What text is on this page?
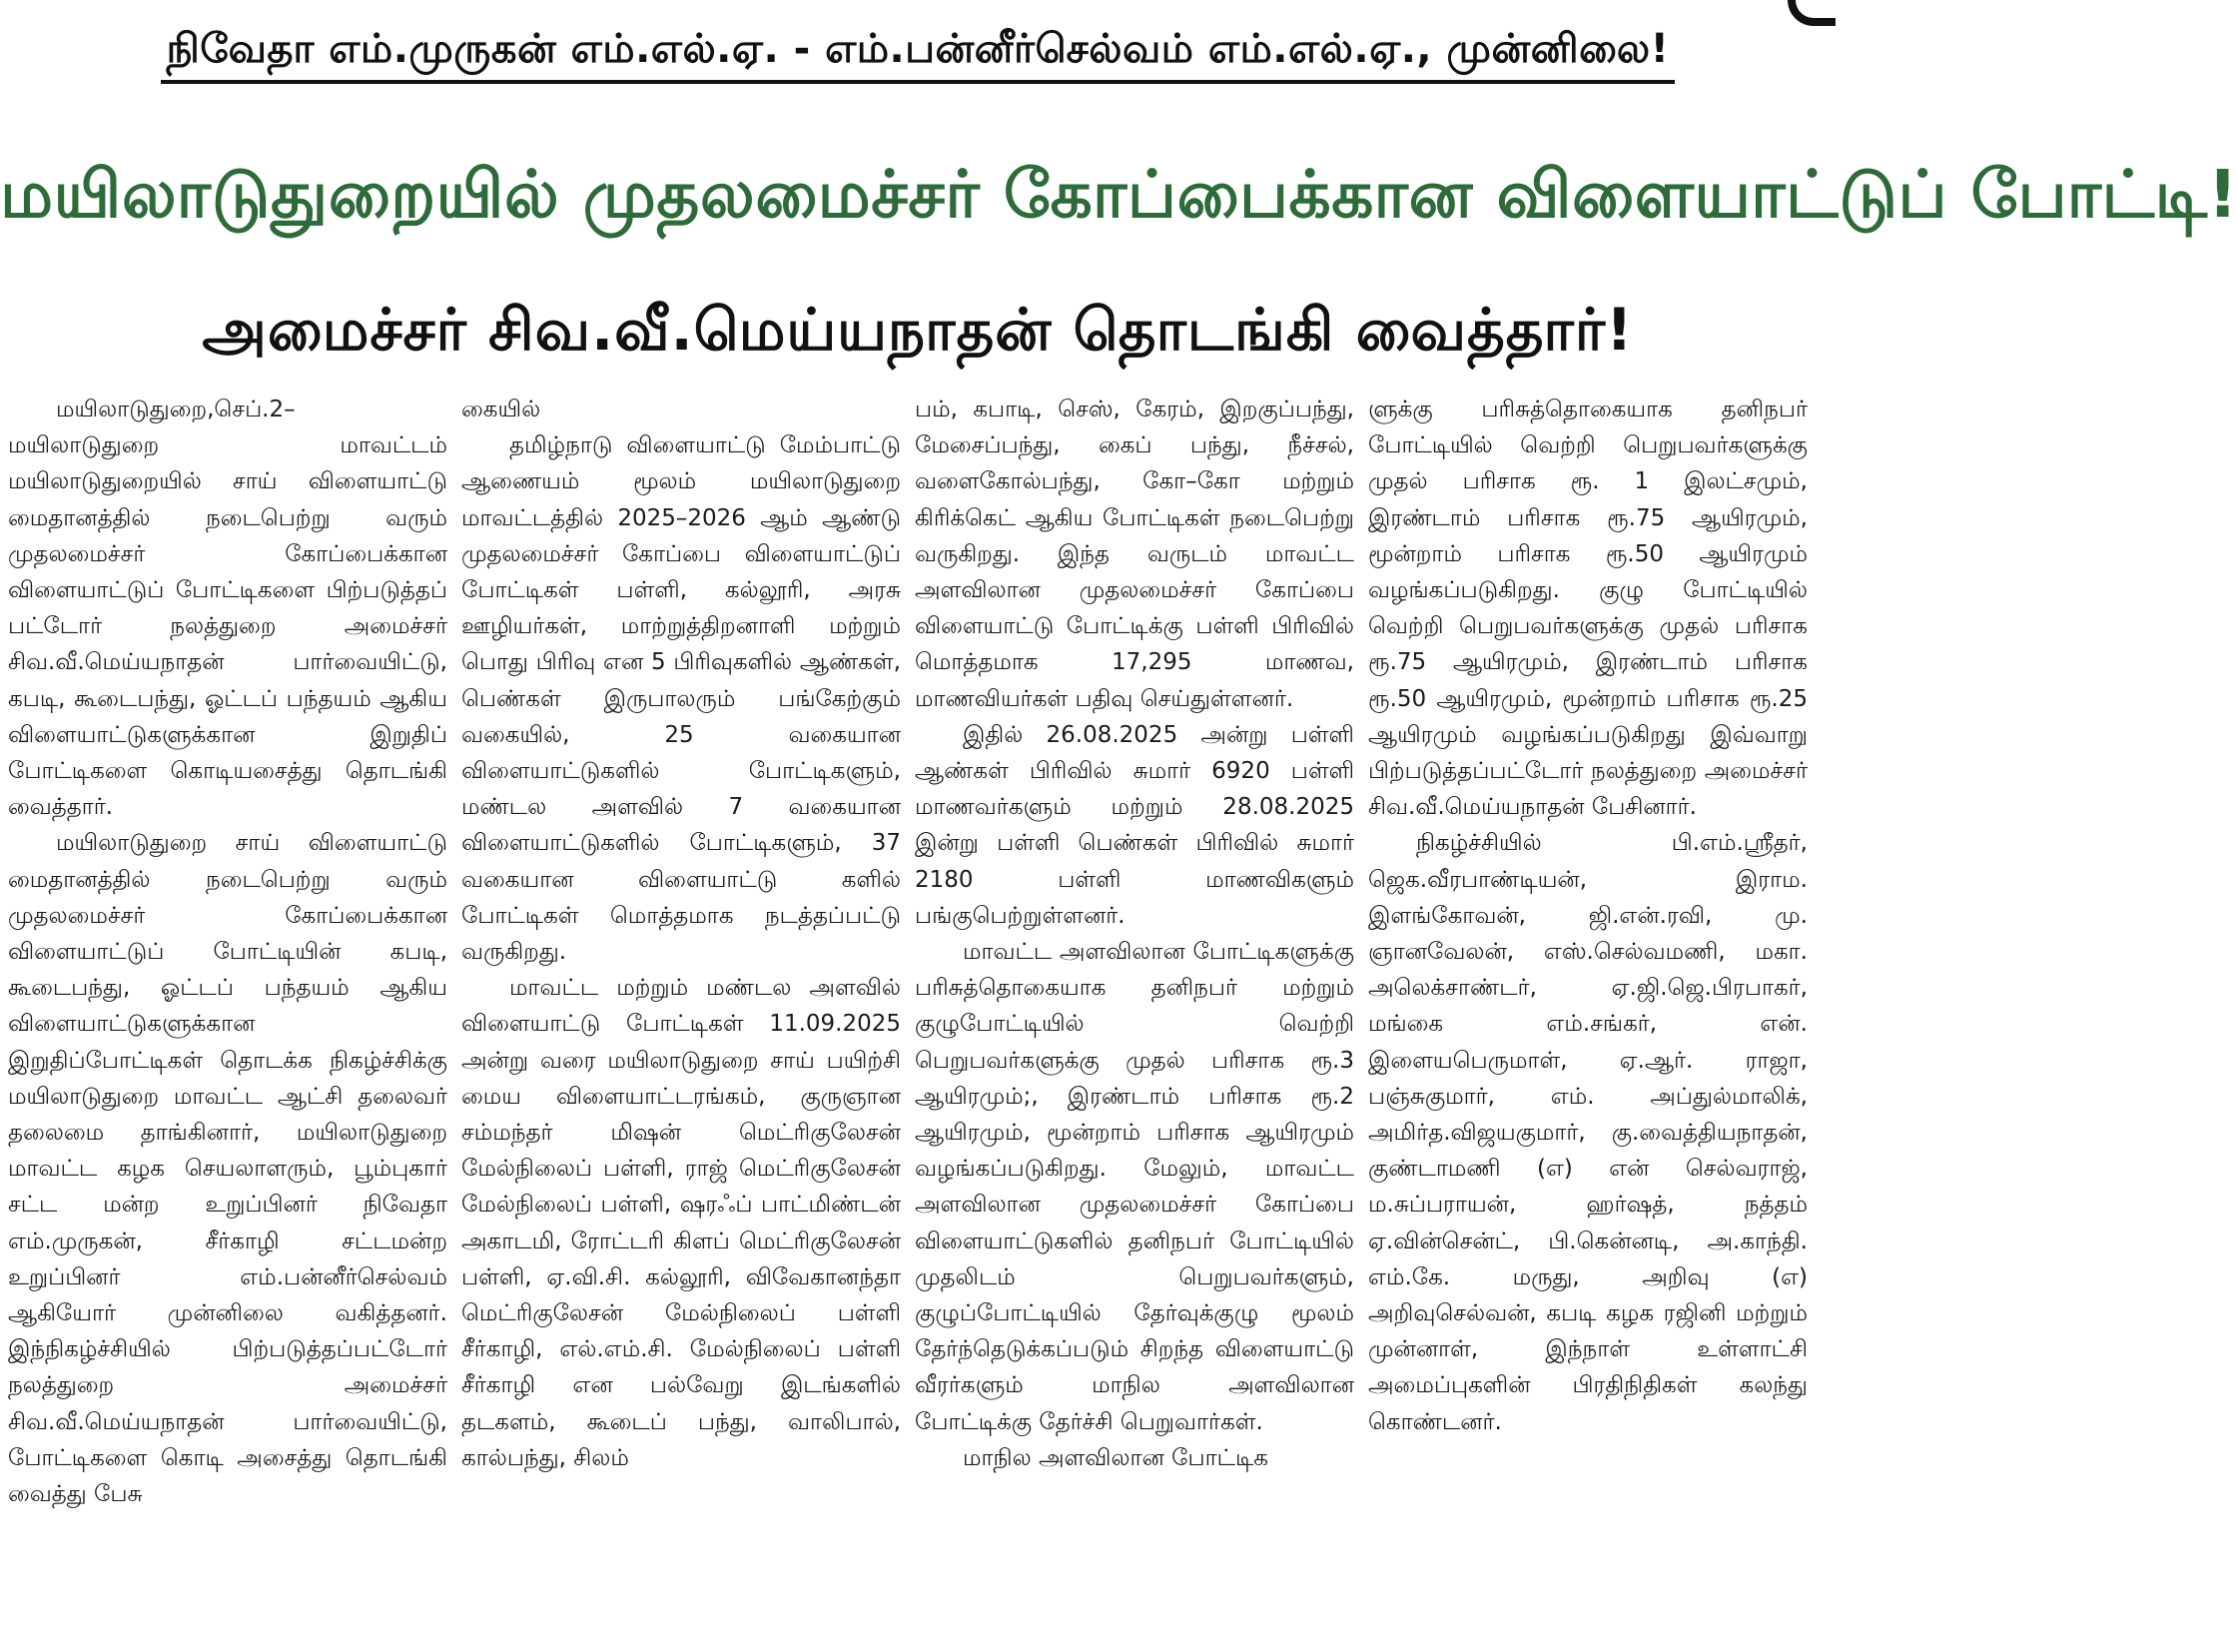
நிவேதா எம்.முருகன் எம்.எல்.ஏ. - எம்.பன்னீர்செல்வம் எம்.எல்.ஏ., முன்னிலை!
மயிலாடுதுறையில் முதலமைச்சர் கோப்பைக்கான விளையாட்டுப் போட்டி!
அமைச்சர் சிவ.வீ.மெய்யநாதன் தொடங்கி வைத்தார்!

மயிலாடுதுறை,செப்.2– மயிலாடுதுறை மாவட்டம் மயிலாடுதுறையில் சாய் விளையாட்டு மைதானத்தில் நடைபெற்று வரும் முதலமைச்சர் கோப்பைக்கான விளையாட்டுப் போட்டிகளை பிற்படுத்தப் பட்டோர் நலத்துறை அமைச்சர் சிவ.வீ.மெய்யநாதன் பார்வையிட்டு, கபடி, கூடைபந்து, ஓட்டப் பந்தயம் ஆகிய விளையாட்டுகளுக்கான இறுதிப் போட்டிகளை கொடியசைத்து தொடங்கி வைத்தார்.

மயிலாடுதுறை சாய் விளையாட்டு மைதானத்தில் நடைபெற்று வரும் முதலமைச்சர் கோப்பைக்கான விளையாட்டுப் போட்டியின் கபடி, கூடைபந்து, ஓட்டப் பந்தயம் ஆகிய விளையாட்டுகளுக்கான இறுதிப்போட்டிகள் தொடக்க நிகழ்ச்சிக்கு மயிலாடுதுறை மாவட்ட ஆட்சி தலைவர் தலைமை தாங்கினார், மயிலாடுதுறை மாவட்ட கழக செயலாளரும், பூம்புகார் சட்ட மன்ற உறுப்பினர் நிவேதா எம்.முருகன், சீர்காழி சட்டமன்ற உறுப்பினர் எம்.பன்னீர்செல்வம் ஆகியோர் முன்னிலை வகித்தனர். இந்நிகழ்ச்சியில் பிற்படுத்தப்பட்டோர் நலத்துறை அமைச்சர் சிவ.வீ.மெய்யநாதன் பார்வையிட்டு, போட்டிகளை கொடி அசைத்து தொடங்கி வைத்து பேசு

கையில்

தமிழ்நாடு விளையாட்டு மேம்பாட்டு ஆணையம் மூலம் மயிலாடுதுறை மாவட்டத்தில் 2025–2026 ஆம் ஆண்டு முதலமைச்சர் கோப்பை விளையாட்டுப் போட்டிகள் பள்ளி, கல்லூரி, அரசு ஊழியர்கள், மாற்றுத்திறனாளி மற்றும் பொது பிரிவு என 5 பிரிவுகளில் ஆண்கள், பெண்கள் இருபாலரும் பங்கேற்கும் வகையில், 25 வகையான விளையாட்டுகளில் போட்டிகளும், மண்டல அளவில் 7 வகையான விளையாட்டுகளில் போட்டிகளும், 37 வகையான விளையாட்டு களில் போட்டிகள் மொத்தமாக நடத்தப்பட்டு வருகிறது.

மாவட்ட மற்றும் மண்டல அளவில் விளையாட்டு போட்டிகள் 11.09.2025 அன்று வரை மயிலாடுதுறை சாய் பயிற்சி மைய விளையாட்டரங்கம், குருஞான சம்மந்தர் மிஷன் மெட்ரிகுலேசன் மேல்நிலைப் பள்ளி, ராஜ் மெட்ரிகுலேசன் மேல்நிலைப் பள்ளி, ஷரஃப் பாட்மிண்டன் அகாடமி, ரோட்டரி கிளப் மெட்ரிகுலேசன் பள்ளி, ஏ.வி.சி. கல்லூரி, விவேகானந்தா மெட்ரிகுலேசன் மேல்நிலைப் பள்ளி சீர்காழி, எல்.எம்.சி. மேல்நிலைப் பள்ளி சீர்காழி என பல்வேறு இடங்களில் தடகளம், கூடைப் பந்து, வாலிபால், கால்பந்து, சிலம்

பம், கபாடி, செஸ், கேரம், இறகுப்பந்து, மேசைப்பந்து, கைப் பந்து, நீச்சல், வளைகோல்பந்து, கோ–கோ மற்றும் கிரிக்கெட் ஆகிய போட்டிகள் நடைபெற்று வருகிறது. இந்த வருடம் மாவட்ட அளவிலான முதலமைச்சர் கோப்பை விளையாட்டு போட்டிக்கு பள்ளி பிரிவில் மொத்தமாக 17,295 மாணவ, மாணவியர்கள் பதிவு செய்துள்ளனர்.

இதில் 26.08.2025 அன்று பள்ளி ஆண்கள் பிரிவில் சுமார் 6920 பள்ளி மாணவர்களும் மற்றும் 28.08.2025 இன்று பள்ளி பெண்கள் பிரிவில் சுமார் 2180 பள்ளி மாணவிகளும் பங்குபெற்றுள்ளனர்.

மாவட்ட அளவிலான போட்டிகளுக்கு பரிசுத்தொகையாக தனிநபர் மற்றும் குழுபோட்டியில் வெற்றி பெறுபவர்களுக்கு முதல் பரிசாக ரூ.3 ஆயிரமும்;, இரண்டாம் பரிசாக ரூ.2 ஆயிரமும், மூன்றாம் பரிசாக ஆயிரமும் வழங்கப்படுகிறது. மேலும், மாவட்ட அளவிலான முதலமைச்சர் கோப்பை விளையாட்டுகளில் தனிநபர் போட்டியில் முதலிடம் பெறுபவர்களும், குழுப்போட்டியில் தேர்வுக்குழு மூலம் தேர்ந்தெடுக்கப்படும் சிறந்த விளையாட்டு வீரர்களும் மாநில அளவிலான போட்டிக்கு தேர்ச்சி பெறுவார்கள்.

மாநில அளவிலான போட்டிக

ளுக்கு பரிசுத்தொகையாக தனிநபர் போட்டியில் வெற்றி பெறுபவர்களுக்கு முதல் பரிசாக ரூ. 1 இலட்சமும், இரண்டாம் பரிசாக ரூ.75 ஆயிரமும், மூன்றாம் பரிசாக ரூ.50 ஆயிரமும் வழங்கப்படுகிறது. குழு போட்டியில் வெற்றி பெறுபவர்களுக்கு முதல் பரிசாக ரூ.75 ஆயிரமும், இரண்டாம் பரிசாக ரூ.50 ஆயிரமும், மூன்றாம் பரிசாக ரூ.25 ஆயிரமும் வழங்கப்படுகிறது இவ்வாறு பிற்படுத்தப்பட்டோர் நலத்துறை அமைச்சர் சிவ.வீ.மெய்யநாதன் பேசினார்.

நிகழ்ச்சியில் பி.எம்.ஸ்ரீதர், ஜெக.வீரபாண்டியன், இராம. இளங்கோவன், ஜி.என்.ரவி, மு. ஞானவேலன், எஸ்.செல்வமணி, மகா. அலெக்சாண்டர், ஏ.ஜி.ஜெ.பிரபாகர், மங்கை எம்.சங்கர், என். இளையபெருமாள், ஏ.ஆர். ராஜா, பஞ்சுகுமார், எம். அப்துல்மாலிக், அமிர்த.விஜயகுமார், கு.வைத்தியநாதன், குண்டாமணி (எ) என் செல்வராஜ், ம.சுப்பராயன், ஹர்ஷத், நத்தம் ஏ.வின்சென்ட், பி.கென்னடி, அ.காந்தி. எம்.கே. மருது, அறிவு (எ) அறிவுசெல்வன், கபடி கழக ரஜினி மற்றும் முன்னாள், இந்நாள் உள்ளாட்சி அமைப்புகளின் பிரதிநிதிகள் கலந்து கொண்டனர்.
